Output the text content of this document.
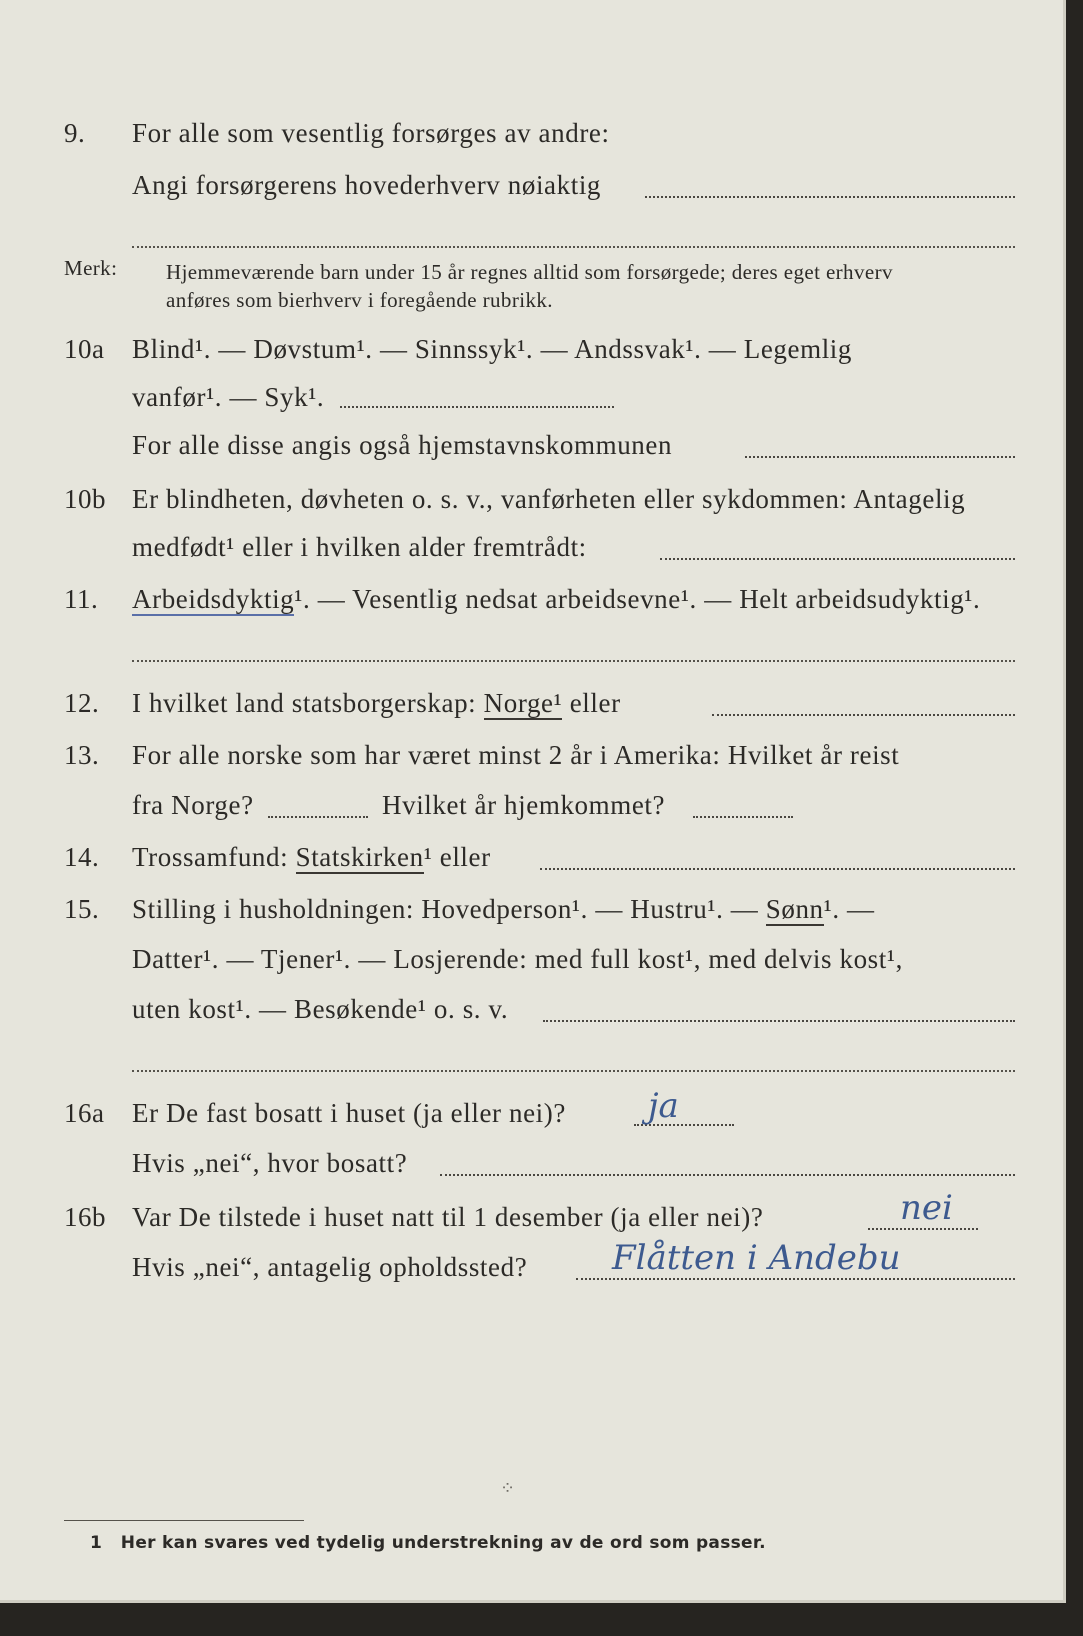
9. For alle som vesentlig forsørges av andre:
Angi forsørgerens hovederhverv nøiaktig
Merk: Hjemmeværende barn under 15 år regnes alltid som forsørgede; deres eget erhverv
anføres som bierhverv i foregående rubrikk.
10a Blind¹. — Døvstum¹. — Sinnssyk¹. — Andssvak¹. — Legemlig
vanfør¹. — Syk¹.
For alle disse angis også hjemstavnskommunen
10b Er blindheten, døvheten o. s. v., vanførheten eller sykdommen: Antagelig
medfødt¹ eller i hvilken alder fremtrådt:
11. Arbeidsdyktig¹. — Vesentlig nedsat arbeidsevne¹. — Helt arbeidsudyktig¹.
12. I hvilket land statsborgerskap: Norge¹ eller
13. For alle norske som har været minst 2 år i Amerika: Hvilket år reist
fra Norge?	Hvilket år hjemkommet?
14. Trossamfund: Statskirken¹ eller
15. Stilling i husholdningen: Hovedperson¹. — Hustru¹. — Sønn¹. —
Datter¹. — Tjener¹. — Losjerende: med full kost¹, med delvis kost¹,
uten kost¹. — Besøkende¹ o. s. v.
16a Er De fast bosatt i huset (ja eller nei)? ja
Hvis „nei“, hvor bosatt?
16b Var De tilstede i huset natt til 1 desember (ja eller nei)?	nei
Hvis „nei“, antagelig opholdssted? Flåtten i Andebu
⁘
1 Her kan svares ved tydelig understrekning av de ord som passer.
